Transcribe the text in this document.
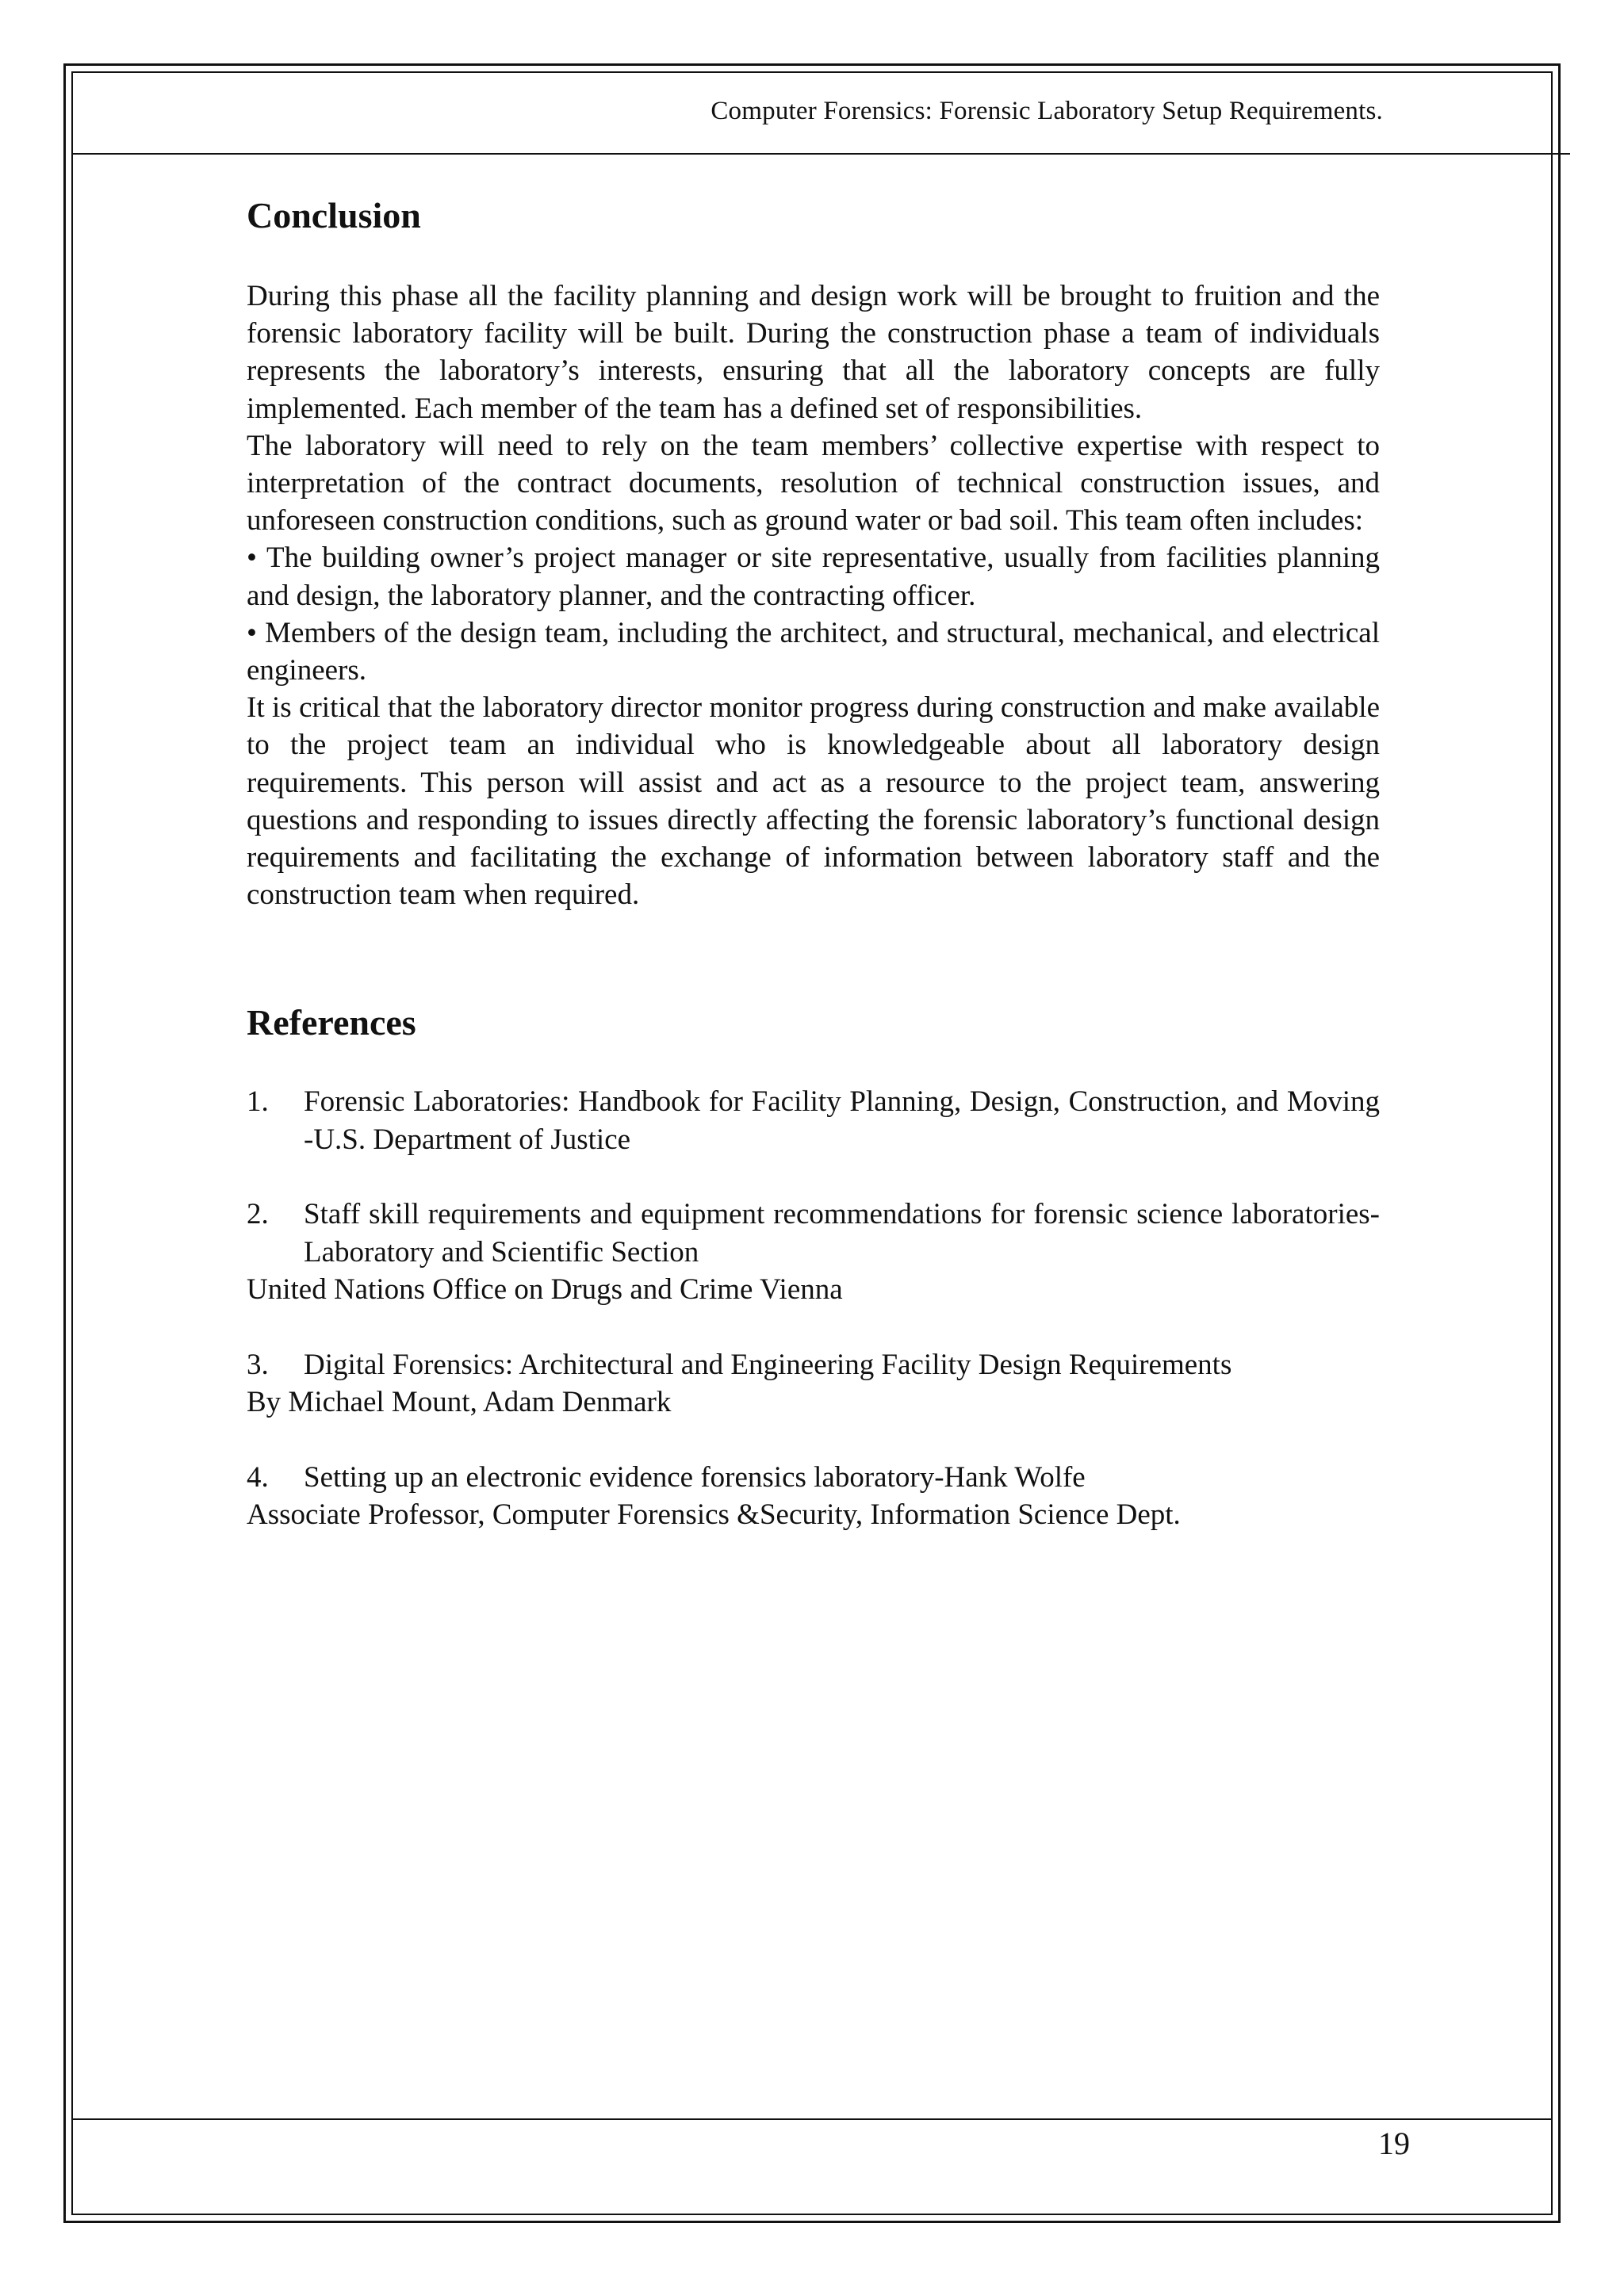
Computer Forensics: Forensic Laboratory Setup Requirements.
Conclusion

During this phase all the facility planning and design work will be brought to fruition and the forensic laboratory facility will be built. During the construction phase a team of individuals represents the laboratory’s interests, ensuring that all the laboratory concepts are fully implemented. Each member of the team has a defined set of responsibilities.

The laboratory will need to rely on the team members’ collective expertise with respect to interpretation of the contract documents, resolution of technical construction issues, and unforeseen construction conditions, such as ground water or bad soil. This team often includes:

• The building owner’s project manager or site representative, usually from facilities planning and design, the laboratory planner, and the contracting officer.

• Members of the design team, including the architect, and structural, mechanical, and electrical engineers.

It is critical that the laboratory director monitor progress during construction and make available to the project team an individual who is knowledgeable about all laboratory design requirements. This person will assist and act as a resource to the project team, answering questions and responding to issues directly affecting the forensic laboratory’s functional design requirements and facilitating the exchange of information between laboratory staff and the construction team when required.

References
1.	Forensic Laboratories: Handbook for Facility Planning, Design, Construction, and Moving -U.S. Department of Justice
2.	Staff skill requirements and equipment recommendations for forensic science laboratories-Laboratory and Scientific Section
United Nations Office on Drugs and Crime Vienna
3.	Digital Forensics: Architectural and Engineering Facility Design Requirements
By Michael Mount, Adam Denmark
4.	Setting up an electronic evidence forensics laboratory-Hank Wolfe
Associate Professor, Computer Forensics &Security, Information Science Dept.
19
